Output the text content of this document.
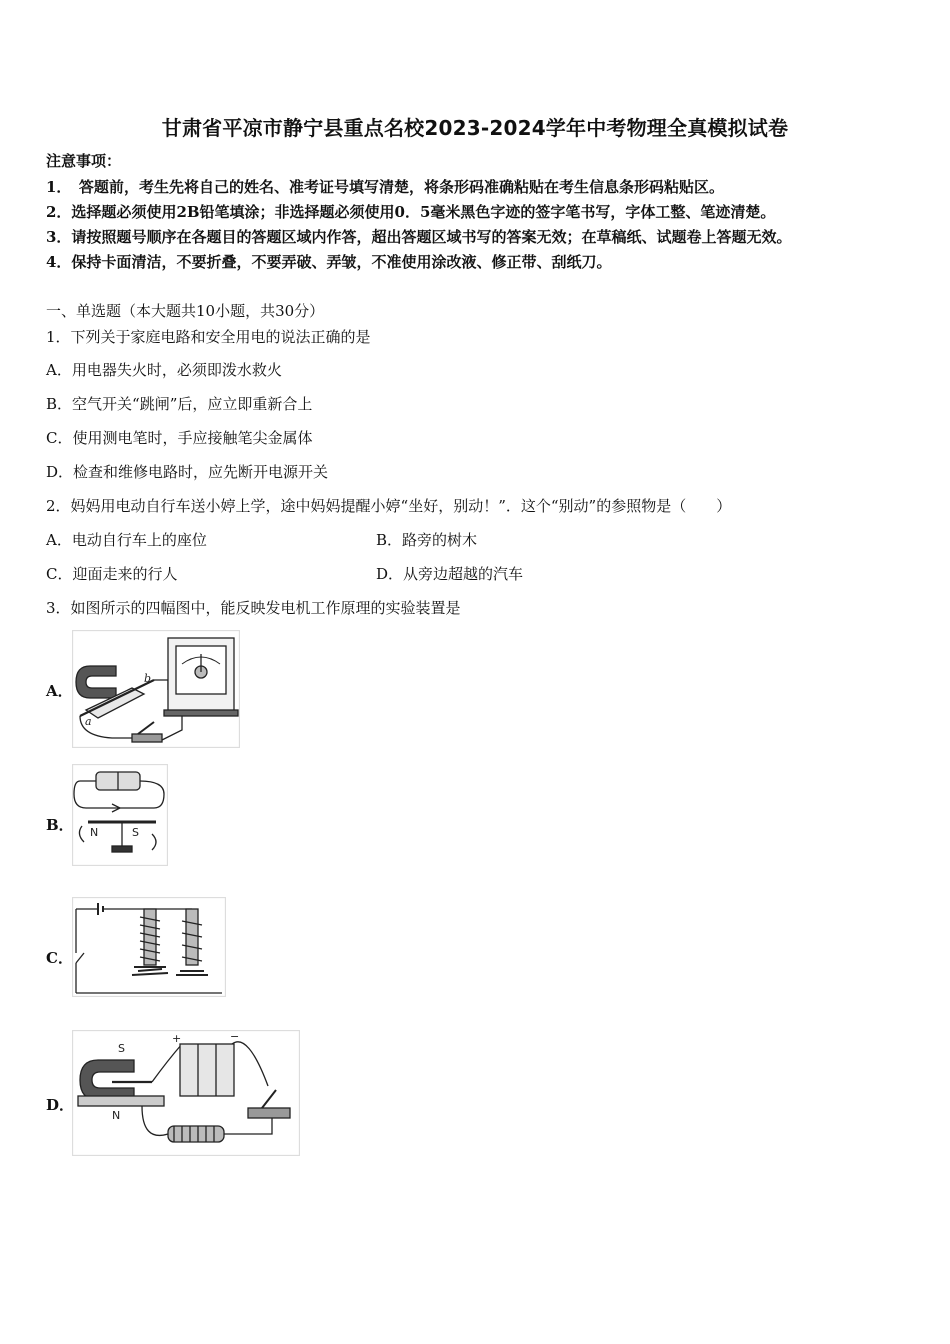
甘肃省平凉市静宁县重点名校2023-2024学年中考物理全真模拟试卷
注意事项：
1．　答题前，考生先将自己的姓名、准考证号填写清楚，将条形码准确粘贴在考生信息条形码粘贴区。
2．选择题必须使用2B铅笔填涂；非选择题必须使用0．5毫米黑色字迹的签字笔书写，字体工整、笔迹清楚。
3．请按照题号顺序在各题目的答题区域内作答，超出答题区域书写的答案无效；在草稿纸、试题卷上答题无效。
4．保持卡面清洁，不要折叠，不要弄破、弄皱，不准使用涂改液、修正带、刮纸刀。
一、单选题（本大题共10小题，共30分）
1．下列关于家庭电路和安全用电的说法正确的是
A．用电器失火时，必须即泼水救火
B．空气开关“跳闸”后，应立即重新合上
C．使用测电笔时，手应接触笔尖金属体
D．检查和维修电路时，应先断开电源开关
2．妈妈用电动自行车送小婷上学，途中妈妈提醒小婷“坐好，别动！”．这个“别动”的参照物是（　　）
A．电动自行车上的座位	B．路旁的树木
C．迎面走来的行人	D．从旁边超越的汽车
3．如图所示的四幅图中，能反映发电机工作原理的实验装置是
A．
B．
C．
D．
a
b
N	S
S
N
+	−
